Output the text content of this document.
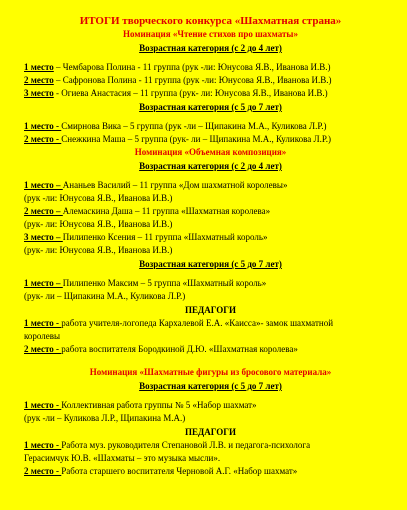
ИТОГИ творческого конкурса «Шахматная страна»
Номинация «Чтение стихов про шахматы»
Возрастная категория (с 2 до 4 лет)
1 место – Чембарова Полина - 11 группа (рук -ли: Юнусова Я.В., Иванова И.В.)
2 место – Сафронова Полина - 11 группа (рук -ли: Юнусова Я.В., Иванова И.В.)
3 место - Огиева Анастасия – 11 группа (рук- ли: Юнусова Я.В., Иванова И.В.)
Возрастная категория (с 5 до 7 лет)
1 место - Смирнова Вика – 5 группа (рук -ли – Щипакина М.А., Куликова Л.Р.)
2 место - Снежкина Маша – 5 группа (рук- ли – Щипакина М.А., Куликова Л.Р.)
Номинация «Объемная композиция»
Возрастная категория (с 2 до 4 лет)
1 место – Ананьев Василий – 11 группа «Дом шахматной королевы»
(рук -ли: Юнусова Я.В., Иванова И.В.)
2 место – Алемаскина Даша – 11 группа «Шахматная королева»
(рук- ли: Юнусова Я.В., Иванова И.В.)
3 место – Пилипенко Ксения – 11 группа «Шахматный король»
(рук- ли: Юнусова Я.В., Иванова И.В.)
Возрастная категория (с 5 до 7 лет)
1 место – Пилипенко Максим – 5 группа «Шахматный король»
(рук- ли – Щипакина М.А., Куликова Л.Р.)
ПЕДАГОГИ
1 место - работа учителя-логопеда Кархалевой Е.А. «Каисса»- замок шахматной
королевы
2 место - работа воспитателя Бородкиной Д.Ю. «Шахматная королева»
Номинация «Шахматные фигуры из бросового материала»
Возрастная категория (с 5 до 7 лет)
1 место - Коллективная работа группы № 5 «Набор шахмат»
(рук -ли – Куликова Л.Р., Щипакина М.А.)
ПЕДАГОГИ
1 место - Работа муз. руководителя Степановой Л.В. и педагога-психолога
Герасимчук Ю.В. «Шахматы – это музыка мысли».
2 место - Работа старшего воспитателя Черновой А.Г. «Набор шахмат»
